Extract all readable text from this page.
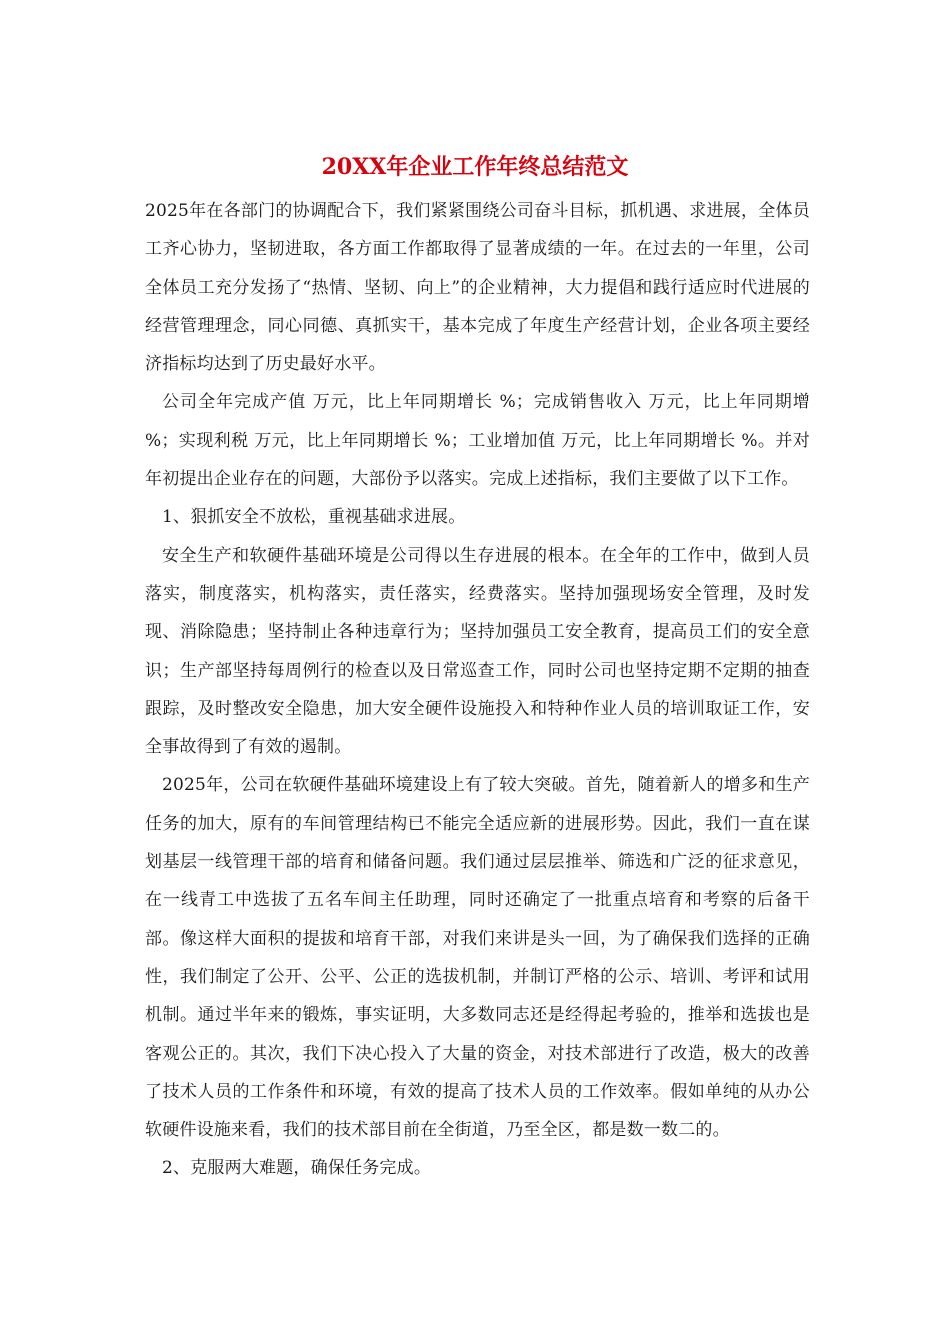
20XX年企业工作年终总结范文

2025年在各部门的协调配合下，我们紧紧围绕公司奋斗目标，抓机遇、求进展，全体员工齐心协力，坚韧进取，各方面工作都取得了显著成绩的一年。在过去的一年里，公司全体员工充分发扬了“热情、坚韧、向上”的企业精神，大力提倡和践行适应时代进展的经营管理理念，同心同德、真抓实干，基本完成了年度生产经营计划，企业各项主要经济指标均达到了历史最好水平。

公司全年完成产值 万元，比上年同期增长 %；完成销售收入 万元，比上年同期增 %；实现利税 万元，比上年同期增长 %；工业增加值 万元，比上年同期增长 %。并对年初提出企业存在的问题，大部份予以落实。完成上述指标，我们主要做了以下工作。

1、狠抓安全不放松，重视基础求进展。

安全生产和软硬件基础环境是公司得以生存进展的根本。在全年的工作中，做到人员落实，制度落实，机构落实，责任落实，经费落实。坚持加强现场安全管理，及时发现、消除隐患；坚持制止各种违章行为；坚持加强员工安全教育，提高员工们的安全意识；生产部坚持每周例行的检查以及日常巡查工作，同时公司也坚持定期不定期的抽查跟踪，及时整改安全隐患，加大安全硬件设施投入和特种作业人员的培训取证工作，安全事故得到了有效的遏制。

2025年，公司在软硬件基础环境建设上有了较大突破。首先，随着新人的增多和生产任务的加大，原有的车间管理结构已不能完全适应新的进展形势。因此，我们一直在谋划基层一线管理干部的培育和储备问题。我们通过层层推举、筛选和广泛的征求意见，在一线青工中选拔了五名车间主任助理，同时还确定了一批重点培育和考察的后备干部。像这样大面积的提拔和培育干部，对我们来讲是头一回，为了确保我们选择的正确性，我们制定了公开、公平、公正的选拔机制，并制订严格的公示、培训、考评和试用机制。通过半年来的锻炼，事实证明，大多数同志还是经得起考验的，推举和选拔也是客观公正的。其次，我们下决心投入了大量的资金，对技术部进行了改造，极大的改善了技术人员的工作条件和环境，有效的提高了技术人员的工作效率。假如单纯的从办公软硬件设施来看，我们的技术部目前在全街道，乃至全区，都是数一数二的。

2、克服两大难题，确保任务完成。
